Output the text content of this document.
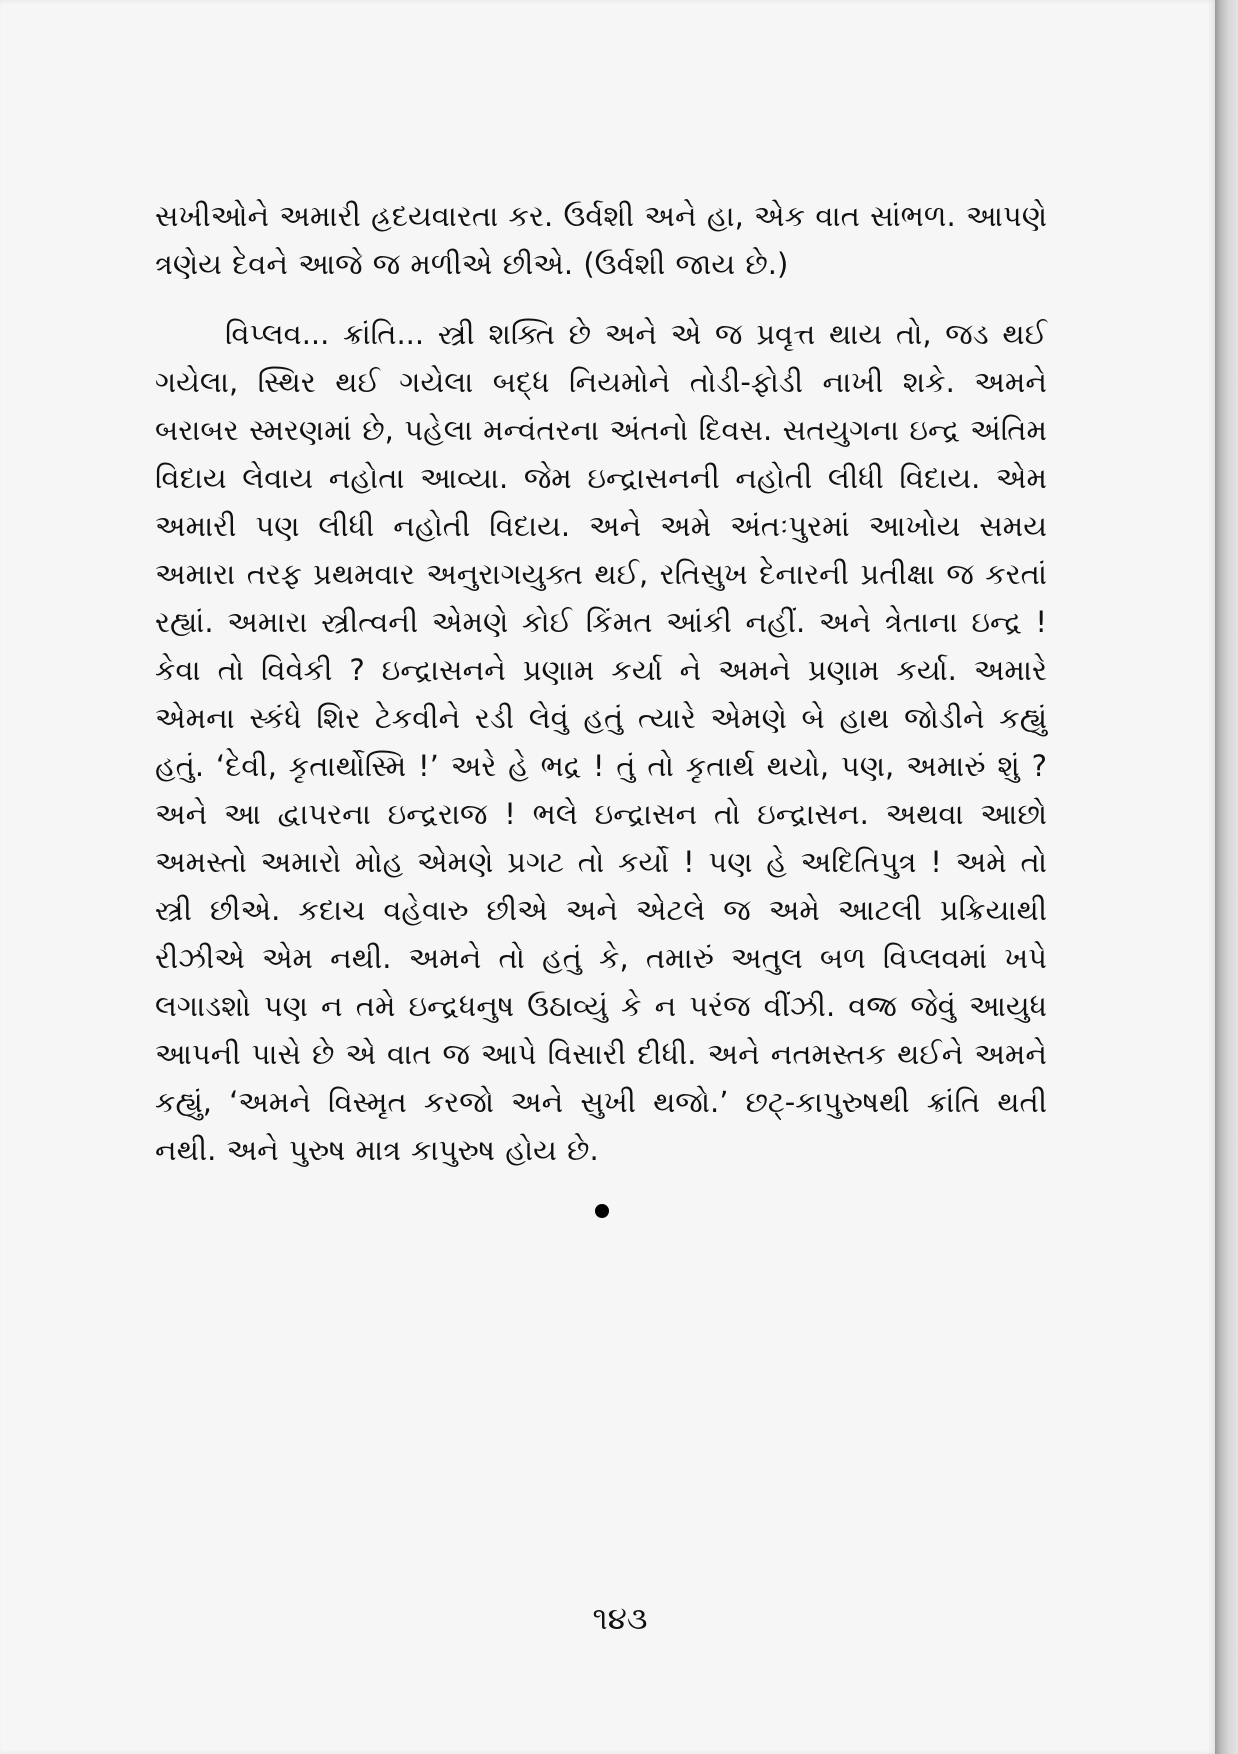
સખીઓને અમારી હ્રદયવારતા કર. ઉર્વશી અને હા, એક વાત સાંભળ. આપણે ત્રણેય દેવને આજે જ મળીએ છીએ. (ઉર્વશી જાય છે.)

વિપ્લવ... ક્રાંતિ... સ્ત્રી શક્તિ છે અને એ જ પ્રવૃત્ત થાય તો, જડ થઈ ગયેલા, સ્થિર થઈ ગયેલા બદ્ધ નિયમોને તોડી-ફોડી નાખી શકે. અમને બરાબર સ્મરણમાં છે, પહેલા મન્વંતરના અંતનો દિવસ. સતયુગના ઇન્દ્ર અંતિમ વિદાય લેવાય નહોતા આવ્યા. જેમ ઇન્દ્રાસનની નહોતી લીધી વિદાય. એમ અમારી પણ લીધી નહોતી વિદાય. અને અમે અંતઃપુરમાં આખોય સમય અમારા તરફ પ્રથમવાર અનુરાગયુક્ત થઈ, રતિસુખ દેનારની પ્રતીક્ષા જ કરતાં રહ્યાં. અમારા સ્ત્રીત્વની એમણે કોઈ કિંમત આંકી નહીં. અને ત્રેતાના ઇન્દ્ર ! કેવા તો વિવેકી ? ઇન્દ્રાસનને પ્રણામ કર્યા ને અમને પ્રણામ કર્યા. અમારે એમના સ્કંધે શિર ટેકવીને રડી લેવું હતું ત્યારે એમણે બે હાથ જોડીને કહ્યું હતું. ‘દેવી, કૃતાર્થોસ્મિ !’ અરે હે ભદ્ર ! તું તો કૃતાર્થ થયો, પણ, અમારું શું ? અને આ દ્વાપરના ઇન્દ્રરાજ ! ભલે ઇન્દ્રાસન તો ઇન્દ્રાસન. અથવા આછો અમસ્તો અમારો મોહ એમણે પ્રગટ તો કર્યો ! પણ હે અદિતિપુત્ર ! અમે તો સ્ત્રી છીએ. કદાચ વહેવારુ છીએ અને એટલે જ અમે આટલી પ્રક્રિયાથી રીઝીએ એમ નથી. અમને તો હતું કે, તમારું અતુલ બળ વિપ્લવમાં ખપે લગાડશો પણ ન તમે ઇન્દ્રધનુષ ઉઠાવ્યું કે ન પરંજ વીંઝી. વજ્ર જેવું આયુધ આપની પાસે છે એ વાત જ આપે વિસારી દીધી. અને નતમસ્તક થઈને અમને કહ્યું, ‘અમને વિસ્મૃત કરજો અને સુખી થજો.’ છટ્-કાપુરુષથી ક્રાંતિ થતી નથી. અને પુરુષ માત્ર કાપુરુષ હોય છે.

૧૪૩
